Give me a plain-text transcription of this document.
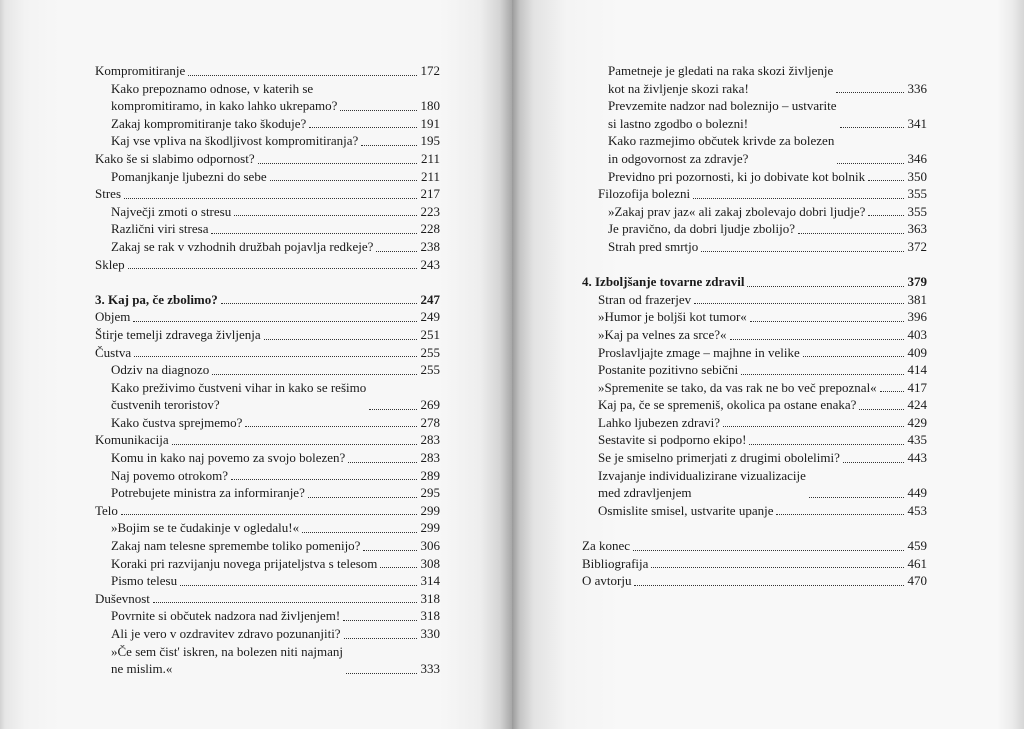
Kompromitiranje	172
Kako prepoznamo odnose, v katerih se
kompromitiramo, in kako lahko ukrepamo?	180
Zakaj kompromitiranje tako škoduje?	191
Kaj vse vpliva na škodljivost kompromitiranja?	195
Kako še si slabimo odpornost?	211
Pomanjkanje ljubezni do sebe	211
Stres	217
Največji zmoti o stresu	223
Različni viri stresa	228
Zakaj se rak v vzhodnih družbah pojavlja redkeje?	238
Sklep	243
3. Kaj pa, če zbolimo?	247
Objem	249
Štirje temelji zdravega življenja	251
Čustva	255
Odziv na diagnozo	255
Kako preživimo čustveni vihar in kako se rešimo
čustvenih teroristov?	269
Kako čustva sprejmemo?	278
Komunikacija	283
Komu in kako naj povemo za svojo bolezen?	283
Naj povemo otrokom?	289
Potrebujete ministra za informiranje?	295
Telo	299
»Bojim se te čudakinje v ogledalu!«	299
Zakaj nam telesne spremembe toliko pomenijo?	306
Koraki pri razvijanju novega prijateljstva s telesom	308
Pismo telesu	314
Duševnost	318
Povrnite si občutek nadzora nad življenjem!	318
Ali je vero v ozdravitev zdravo pozunanjiti?	330
»Če sem čist' iskren, na bolezen niti najmanj
ne mislim.«	333
Pametneje je gledati na raka skozi življenje
kot na življenje skozi raka!	336
Prevzemite nadzor nad boleznijo – ustvarite
si lastno zgodbo o bolezni!	341
Kako razmejimo občutek krivde za bolezen
in odgovornost za zdravje?	346
Previdno pri pozornosti, ki jo dobivate kot bolnik	350
Filozofija bolezni	355
»Zakaj prav jaz« ali zakaj zbolevajo dobri ljudje?	355
Je pravično, da dobri ljudje zbolijo?	363
Strah pred smrtjo	372
4. Izboljšanje tovarne zdravil	379
Stran od frazerjev	381
»Humor je boljši kot tumor«	396
»Kaj pa velnes za srce?«	403
Proslavljajte zmage – majhne in velike	409
Postanite pozitivno sebični	414
»Spremenite se tako, da vas rak ne bo več prepoznal« 417
Kaj pa, če se spremeniš, okolica pa ostane enaka?	424
Lahko ljubezen zdravi?	429
Sestavite si podporno ekipo!	435
Se je smiselno primerjati z drugimi obolelimi?	443
Izvajanje individualizirane vizualizacije
med zdravljenjem	449
Osmislite smisel, ustvarite upanje	453
Za konec	459
Bibliografija	461
O avtorju	470
